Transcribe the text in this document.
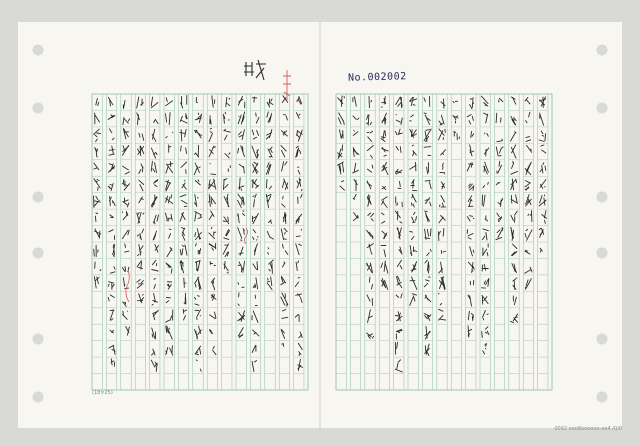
No.002002
(18×25)
0092 ooo8oooooo-oo4 /0/0
